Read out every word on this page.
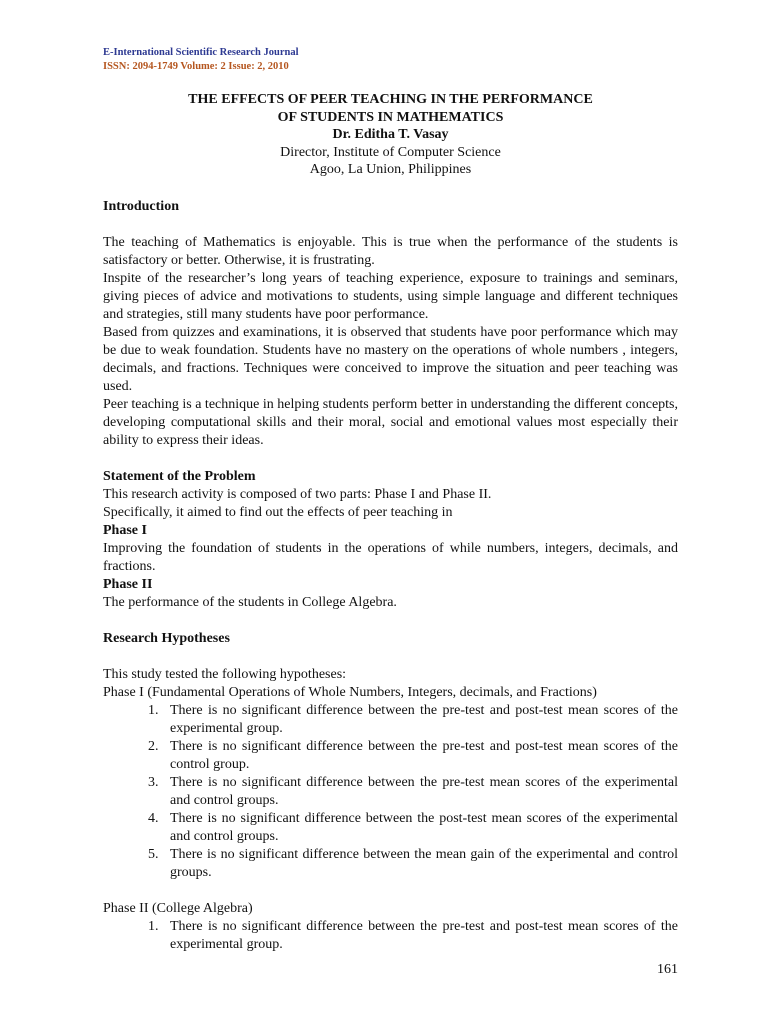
E-International Scientific Research Journal
ISSN: 2094-1749 Volume: 2 Issue: 2, 2010
THE EFFECTS OF PEER TEACHING IN THE PERFORMANCE
OF STUDENTS IN MATHEMATICS
Dr. Editha T. Vasay
Director, Institute of Computer Science
Agoo, La Union, Philippines

Introduction

The teaching of Mathematics is enjoyable. This is true when the performance of the students is satisfactory or better. Otherwise, it is frustrating.

Inspite of the researcher’s long years of teaching experience, exposure to trainings and seminars, giving pieces of advice and motivations to students, using simple language and different techniques and strategies, still many students have poor performance.

Based from quizzes and examinations, it is observed that students have poor performance which may be due to weak foundation. Students have no mastery on the operations of whole numbers , integers, decimals, and fractions. Techniques were conceived to improve the situation and peer teaching was used.

Peer teaching is a technique in helping students perform better in understanding the different concepts, developing computational skills and their moral, social and emotional values most especially their ability to express their ideas.

Statement of the Problem

This research activity is composed of two parts: Phase I and Phase II.

Specifically, it aimed to find out the effects of peer teaching in

Phase I

Improving the foundation of students in the operations of while numbers, integers, decimals, and fractions.

Phase II

The performance of the students in College Algebra.

Research Hypotheses

This study tested the following hypotheses:

Phase I (Fundamental Operations of Whole Numbers, Integers, decimals, and Fractions)

1. There is no significant difference between the pre-test and post-test mean scores of the experimental group.
2. There is no significant difference between the pre-test and post-test mean scores of the control group.
3. There is no significant difference between the pre-test mean scores of the experimental and control groups.
4. There is no significant difference between the post-test mean scores of the experimental and control groups.
5. There is no significant difference between the mean gain of the experimental and control groups.

Phase II (College Algebra)

1. There is no significant difference between the pre-test and post-test mean scores of the experimental group.
161
